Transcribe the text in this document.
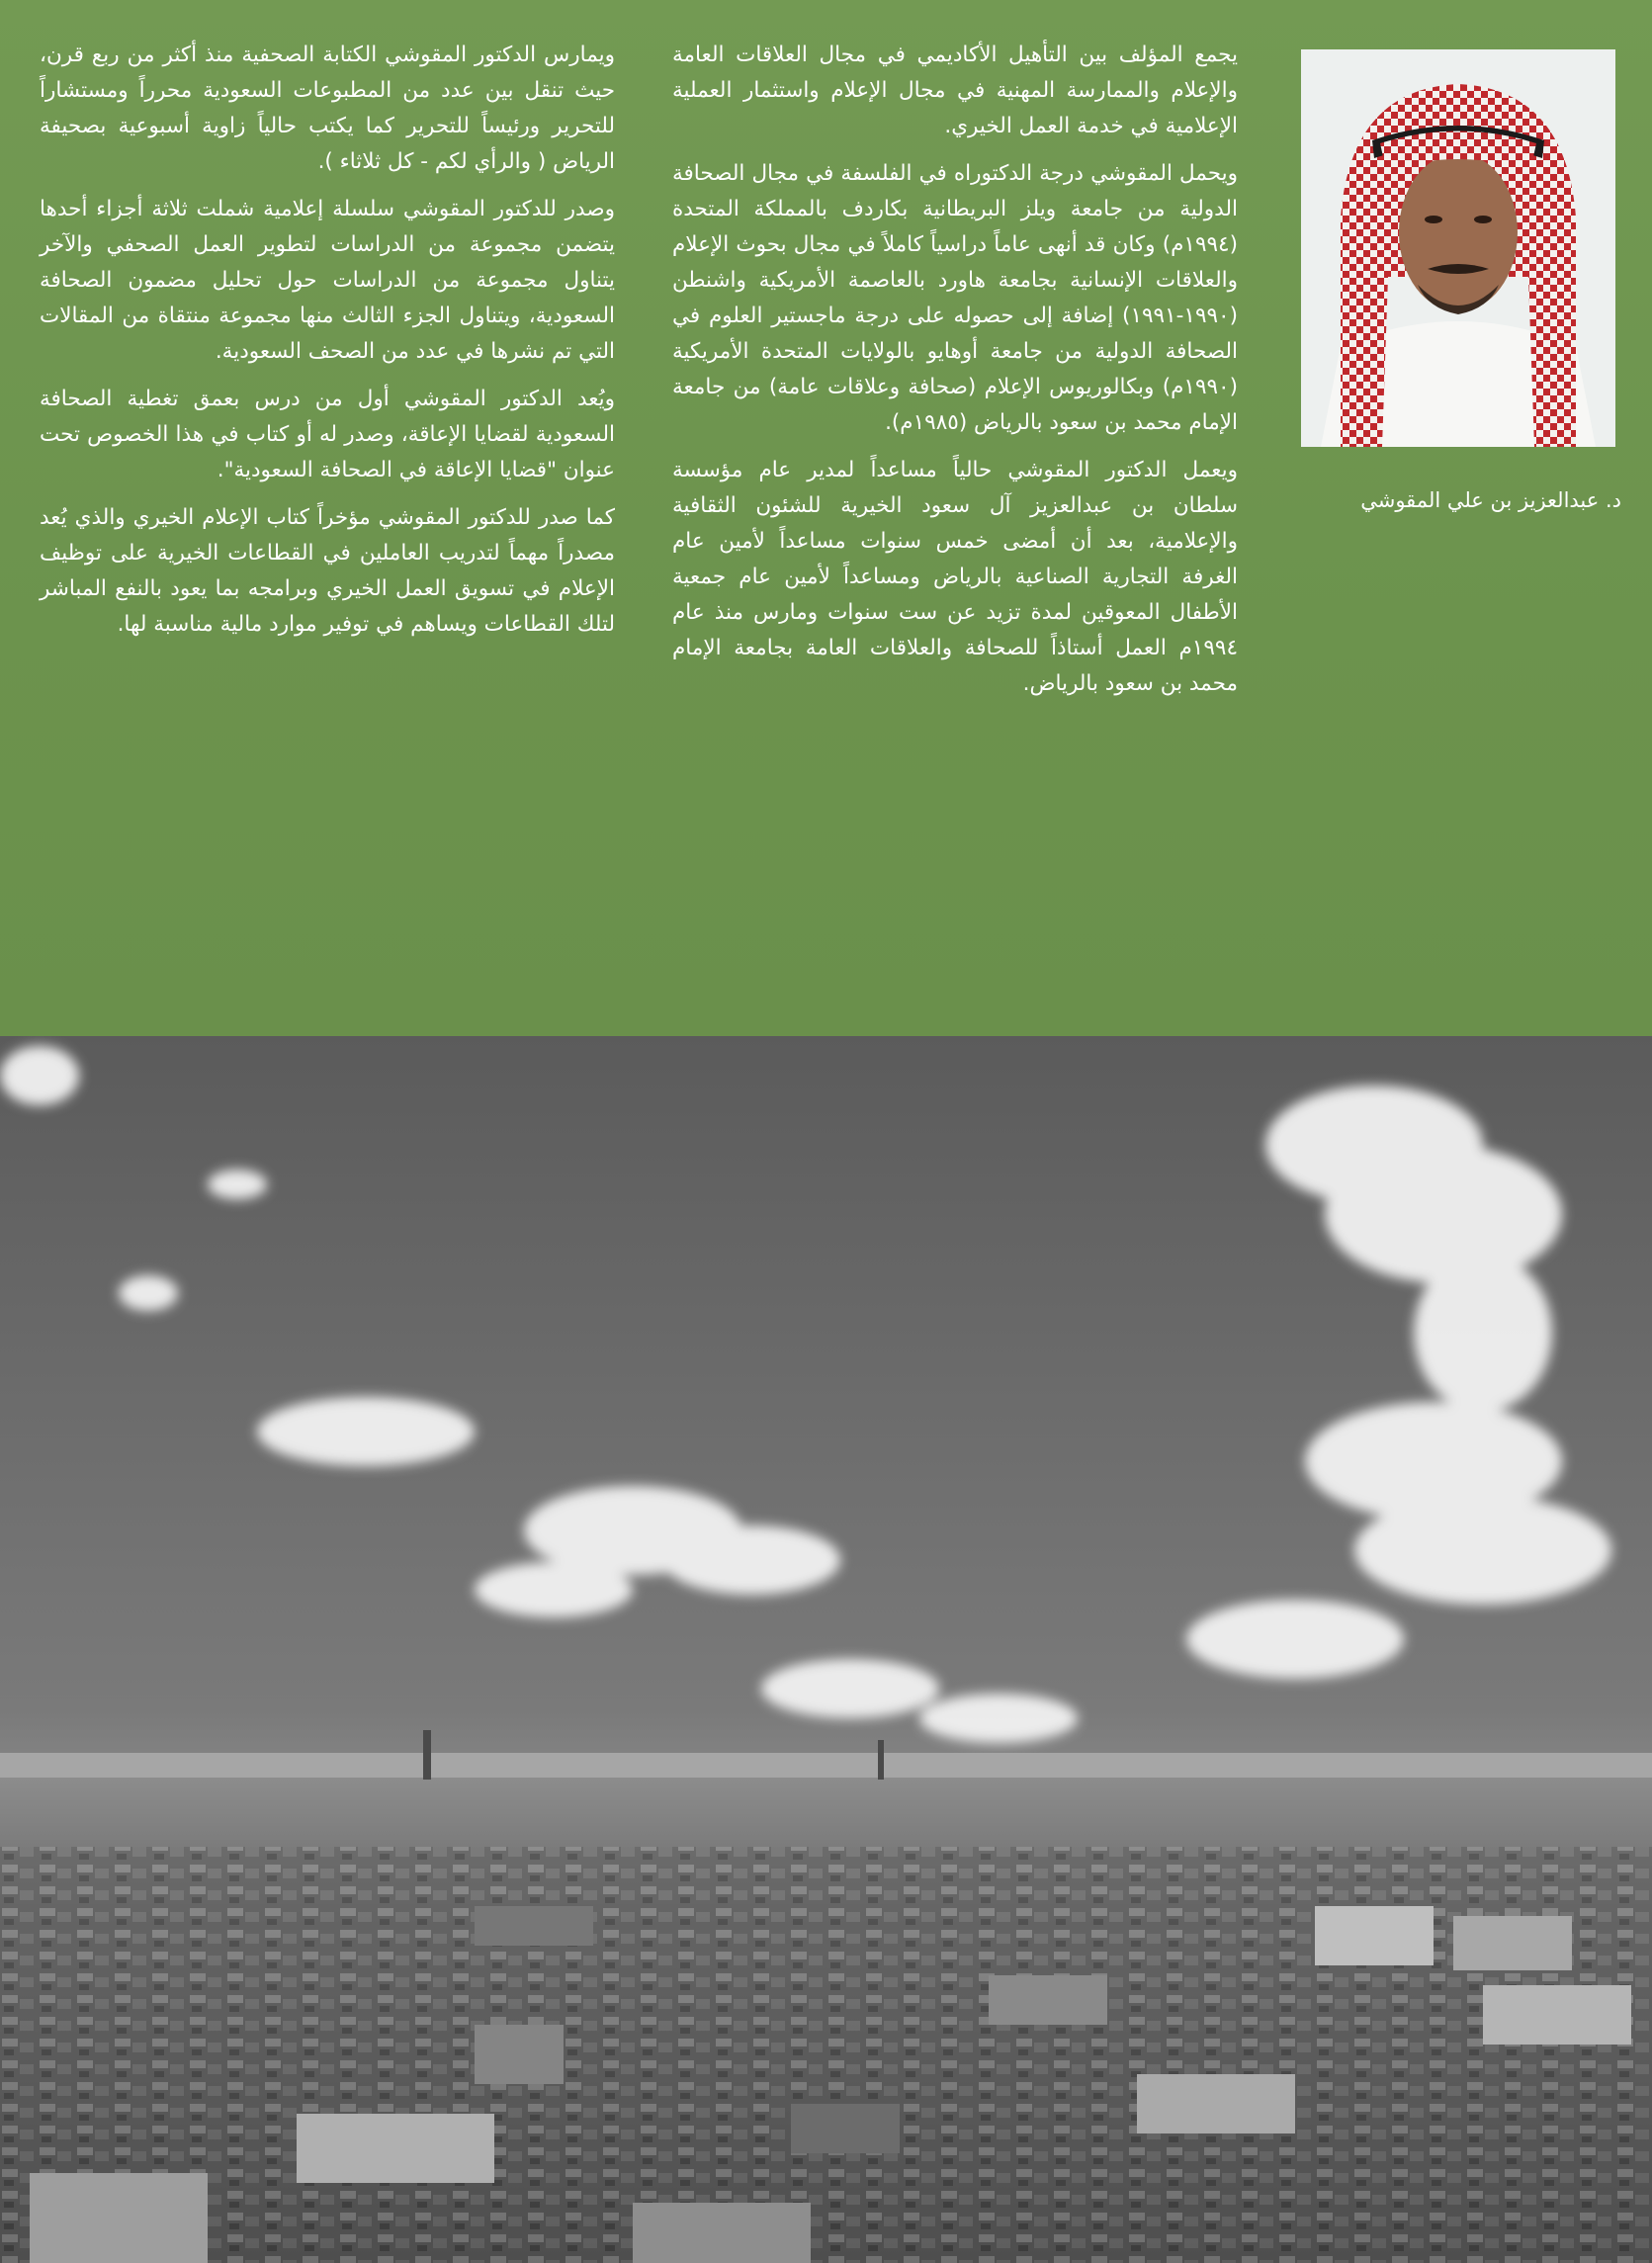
د. عبدالعزيز بن علي المقوشي

يجمع المؤلف بين التأهيل الأكاديمي في مجال العلاقات العامة والإعلام والممارسة المهنية في مجال الإعلام واستثمار العملية الإعلامية في خدمة العمل الخيري.

ويحمل المقوشي درجة الدكتوراه في الفلسفة في مجال الصحافة الدولية من جامعة ويلز البريطانية بكاردف بالمملكة المتحدة (١٩٩٤م) وكان قد أنهى عاماً دراسياً كاملاً في مجال بحوث الإعلام والعلاقات الإنسانية بجامعة هاورد بالعاصمة الأمريكية واشنطن (١٩٩٠-١٩٩١) إضافة إلى حصوله على درجة ماجستير العلوم في الصحافة الدولية من جامعة أوهايو بالولايات المتحدة الأمريكية (١٩٩٠م) وبكالوريوس الإعلام (صحافة وعلاقات عامة) من جامعة الإمام محمد بن سعود بالرياض (١٩٨٥م).

ويعمل الدكتور المقوشي حالياً مساعداً لمدير عام مؤسسة سلطان بن عبدالعزيز آل سعود الخيرية للشئون الثقافية والإعلامية، بعد أن أمضى خمس سنوات مساعداً لأمين عام الغرفة التجارية الصناعية بالرياض ومساعداً لأمين عام جمعية الأطفال المعوقين لمدة تزيد عن ست سنوات ومارس منذ عام ١٩٩٤م العمل أستاذاً للصحافة والعلاقات العامة بجامعة الإمام محمد بن سعود بالرياض.

ويمارس الدكتور المقوشي الكتابة الصحفية منذ أكثر من ربع قرن، حيث تنقل بين عدد من المطبوعات السعودية محرراً ومستشاراً للتحرير ورئيساً للتحرير كما يكتب حالياً زاوية أسبوعية بصحيفة الرياض ( والرأي لكم - كل ثلاثاء ).

وصدر للدكتور المقوشي سلسلة إعلامية شملت ثلاثة أجزاء أحدها يتضمن مجموعة من الدراسات لتطوير العمل الصحفي والآخر يتناول مجموعة من الدراسات حول تحليل مضمون الصحافة السعودية، ويتناول الجزء الثالث منها مجموعة منتقاة من المقالات التي تم نشرها في عدد من الصحف السعودية.

ويُعد الدكتور المقوشي أول من درس بعمق تغطية الصحافة السعودية لقضايا الإعاقة، وصدر له أو كتاب في هذا الخصوص تحت عنوان "قضايا الإعاقة في الصحافة السعودية".

كما صدر للدكتور المقوشي مؤخراً كتاب الإعلام الخيري والذي يُعد مصدراً مهماً لتدريب العاملين في القطاعات الخيرية على توظيف الإعلام في تسويق العمل الخيري وبرامجه بما يعود بالنفع المباشر لتلك القطاعات ويساهم في توفير موارد مالية مناسبة لها.
